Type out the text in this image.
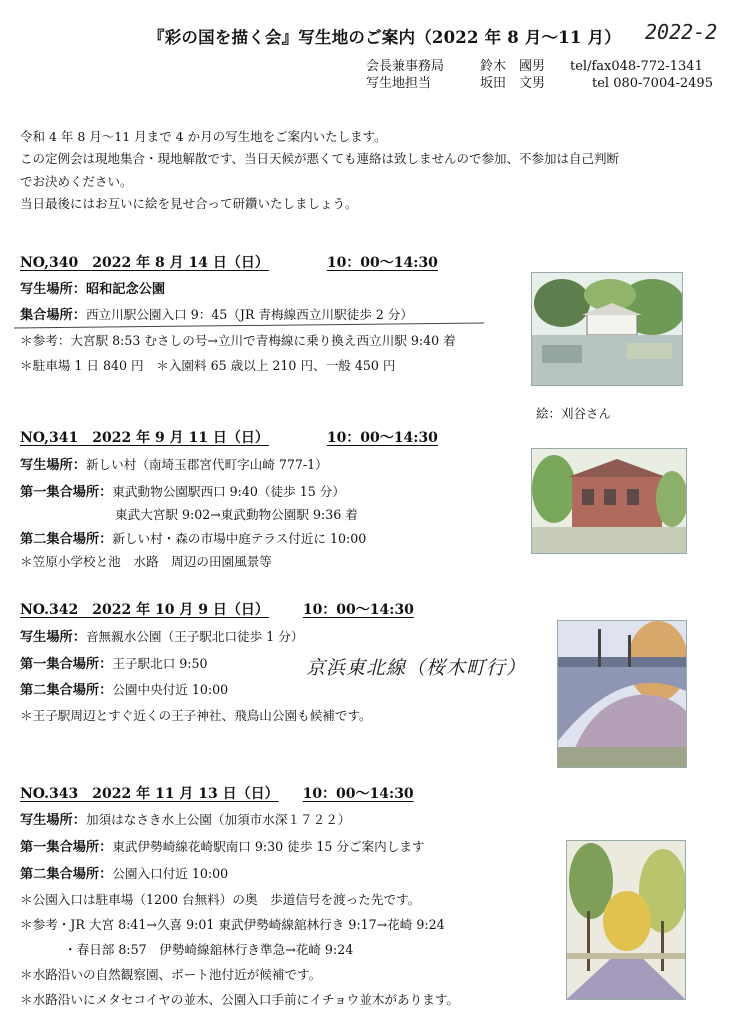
『彩の国を描く会』写生地のご案内（2022 年 8 月〜11 月） 2022-2
会長兼事務局	鈴木　國男 tel/fax048-772-1341
写生地担当	坂田　文男	tel 080-7004-2495
令和 4 年 8 月〜11 月まで 4 か月の写生地をご案内いたします。
この定例会は現地集合・現地解散です、当日天候が悪くても連絡は致しませんので参加、不参加は自己判断
でお決めください。
当日最後にはお互いに絵を見せ合って研鑽いたしましょう。
NO,340　2022 年 8 月 14 日（日）	10：00〜14:30
写生場所：昭和記念公園
集合場所：西立川駅公園入口 9：45（JR 青梅線西立川駅徒歩 2 分）
＊参考：大宮駅 8:53 むさしの号→立川で青梅線に乗り換え西立川駅 9:40 着
＊駐車場 1 日 840 円　＊入園料 65 歳以上 210 円、一般 450 円
絵：刈谷さん
NO,341　2022 年 9 月 11 日（日）	10：00〜14:30
写生場所：新しい村（南埼玉郡宮代町字山崎 777-1）
第一集合場所：東武動物公園駅西口 9:40（徒歩 15 分）
東武大宮駅 9:02→東武動物公園駅 9:36 着
第二集合場所：新しい村・森の市場中庭テラス付近に 10:00
＊笠原小学校と池　水路　周辺の田園風景等
NO.342　2022 年 10 月 9 日（日） 10：00〜14:30
写生場所：音無親水公園（王子駅北口徒歩 1 分）
第一集合場所：王子駅北口 9:50	京浜東北線（桜木町行）
第二集合場所：公園中央付近 10:00
＊王子駅周辺とすぐ近くの王子神社、飛鳥山公園も候補です。
NO.343　2022 年 11 月 13 日（日） 10：00〜14:30
写生場所：加須はなさき水上公園（加須市水深１７２２）
第一集合場所：東武伊勢崎線花崎駅南口 9:30 徒歩 15 分ご案内します
第二集合場所：公園入口付近 10:00
＊公園入口は駐車場（1200 台無料）の奥　歩道信号を渡った先です。
＊参考・JR 大宮 8:41→久喜 9:01 東武伊勢崎線舘林行き 9:17→花崎 9:24
・春日部 8:57　伊勢崎線舘林行き準急→花崎 9:24
＊水路沿いの自然観察園、ボート池付近が候補です。
＊水路沿いにメタセコイヤの並木、公園入口手前にイチョウ並木があります。
